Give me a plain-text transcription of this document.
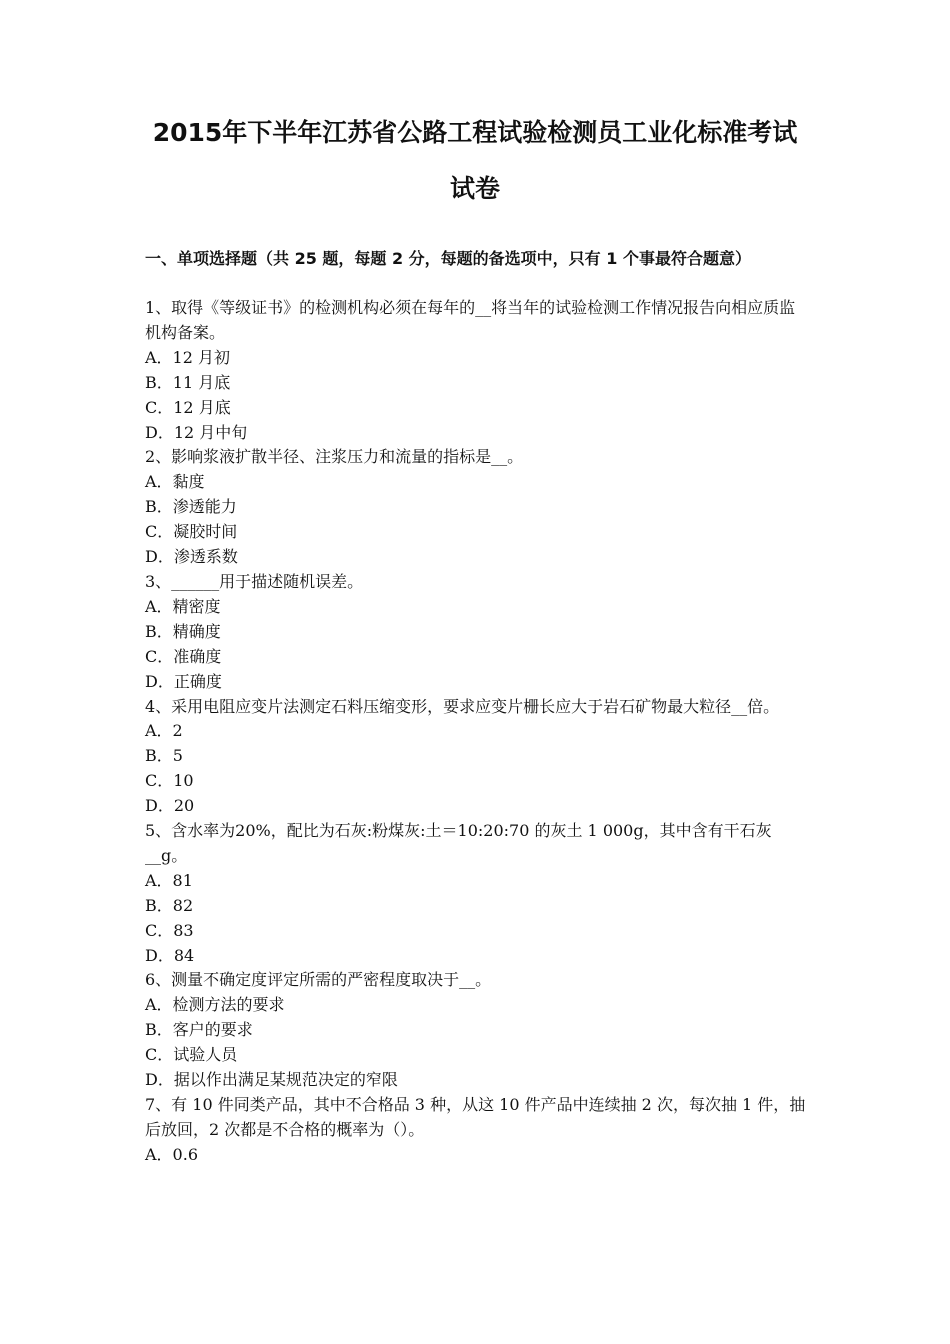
2015年下半年江苏省公路工程试验检测员工业化标准考试
试卷

一、单项选择题（共 25 题，每题 2 分，每题的备选项中，只有 1 个事最符合题意）

1、取得《等级证书》的检测机构必须在每年的__将当年的试验检测工作情况报告向相应质监机构备案。

A．12 月初

B．11 月底

C．12 月底

D．12 月中旬

2、影响浆液扩散半径、注浆压力和流量的指标是__。

A．黏度

B．渗透能力

C．凝胶时间

D．渗透系数

3、______用于描述随机误差。

A．精密度

B．精确度

C．准确度

D．正确度

4、采用电阻应变片法测定石料压缩变形，要求应变片栅长应大于岩石矿物最大粒径__倍。

A．2

B．5

C．10

D．20

5、含水率为20%，配比为石灰:粉煤灰:土＝10:20:70 的灰土 1 000g，其中含有干石灰__g。

A．81

B．82

C．83

D．84

6、测量不确定度评定所需的严密程度取决于__。

A．检测方法的要求

B．客户的要求

C．试验人员

D．据以作出满足某规范决定的窄限

7、有 10 件同类产品，其中不合格品 3 种，从这 10 件产品中连续抽 2 次，每次抽 1 件，抽后放回，2 次都是不合格的概率为（）。

A．0.6
